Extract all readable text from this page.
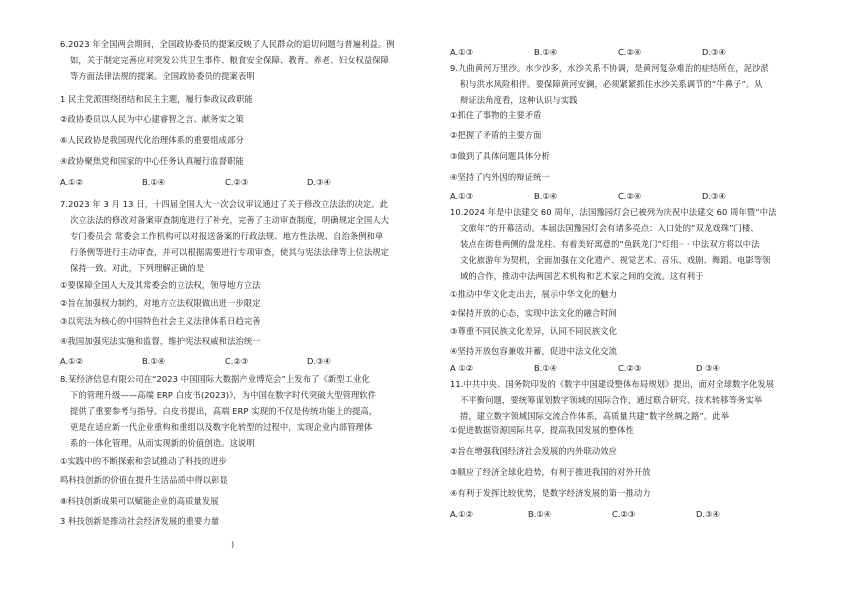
6.2023 年全国两会期间，全国政协委员的提案反映了人民群众的追切问题与普遍利益。例
如，关于制定完善应对突发公共卫生事件、粮食安全保障、教育、养老、妇女权益保障
等方面法律法规的提案。全国政协委员的提案表明
1 民主党派围绕团结和民主主题，履行参政议政职能
②政协委员以人民为中心建睿智之言、献务实之策
⑥人民政协是我国现代化治理体系的重要组成部分
④政协聚焦党和国家的中心任务认真履行监督职能
A.①②	B.①④	C.②③	D.③④
7.2023 年 3 月 13 日，十四届全国人大一次会议审议通过了关于修改立法法的决定。此
次立法法的修改对备案审查制度进行了补充，完善了主动审查制度，明确规定全国人大
专门委员会 常委会工作机构可以对报送备案的行政法规、地方性法规、自治条例和单
行条例等进行主动审查，并可以根据需要进行专项审查，使其与宪法法律等上位法规定
保持一致。对此，下列理解正确的是
①要保障全国人大及其常委会的立法权，领导地方立法
②旨在加强权力制约，对地方立法权限做出进一步限定
③以宪法为核心的中国特色社会主义法律体系日趋完善
④我国加强宪法实施和监督，维护宪法权威和法治统一
A.①②	B.①④	C.②③	D.③④
8.某经济信息有限公司在“2023 中国国际大数据产业博览会”上发布了《新型工业化
下的管理升级——高端 ERP 白皮书(2023)》，为中国在数字时代突破大型管理软件
提供了重要参考与指导。白皮书提出，高端 ERP 实现的不仅是传统功能上的提高，
更是在适应新一代企业重构和重组以及数字化转型的过程中，实现企业内部管理体
系的一体化管理，从而实现新的价值创造。这说明
①实践中的不断探索和尝试推动了科技的进步
鸣科技创新的价值在提升生活品质中得以彰显
⑧科技创新成果可以赋能企业的高质量发展
3 科技创新是推动社会经济发展的重要力量
)
A.①③	B.①④	C.②④	D.③④
9.九曲黄河万里沙。水少沙多，水沙关系不协调，是黄河复杂难治的症结所在，泥沙淤
积与洪水风险相伴。要保障黄河安澜，必须紧紧抓住水沙关系调节的“牛鼻子”。从
辩证法角度看，这种认识与实践
①抓住了事物的主要矛盾
②把握了矛盾的主要方面
③做到了具体问题具体分析
④坚持了内外因的辩证统一
A.①③	B.①④	C.②④	D.③④
10.2024 年是中法建交 60 周年，法国豫园灯会已被列为庆祝中法建交 60 周年暨“中法
文旅年”的开幕活动。本届法国豫园灯会有诸多亮点：入口处的“双龙戏珠”门楼、
装点在街巷两侧的盘龙柱、有着美好寓意的“鱼跃龙门”灯组·· · 中法双方将以中法
文化旅游年为契机，全面加强在文化遗产、视觉艺术、音乐、戏剧、舞蹈、电影等领
域的合作，推动中法两国艺术机构和艺术家之间的交流。这有利于
①推动中华文化走出去，展示中华文化的魅力
②保持开放的心态，实现中法文化的融合时间
③尊重不同民族文化差异，认同不同民族文化
④坚持开放包容兼收并蓄，促进中法文化交流
A ①②	B.①④	C.②③	D ③④
11.中共中央、国务院印发的《数字中国建设整体布局规划》提出，面对全球数字化发展
不平衡问题，要统筹谋划数字领域的国际合作，通过联合研究、技术转移等务实举
措，建立数字领域国际交流合作体系，高质量共建“数字丝绸之路”。此举
①促进数据资源国际共享，提高我国发展的整体性
②旨在增强我国经济社会发展的内外联动效应
③顺应了经济全球化趋势，有利于推进我国的对外开放
④有利于发挥比较优势，是数字经济发展的第一推动力
A.①②	B.①④	C.②③	D.③④
